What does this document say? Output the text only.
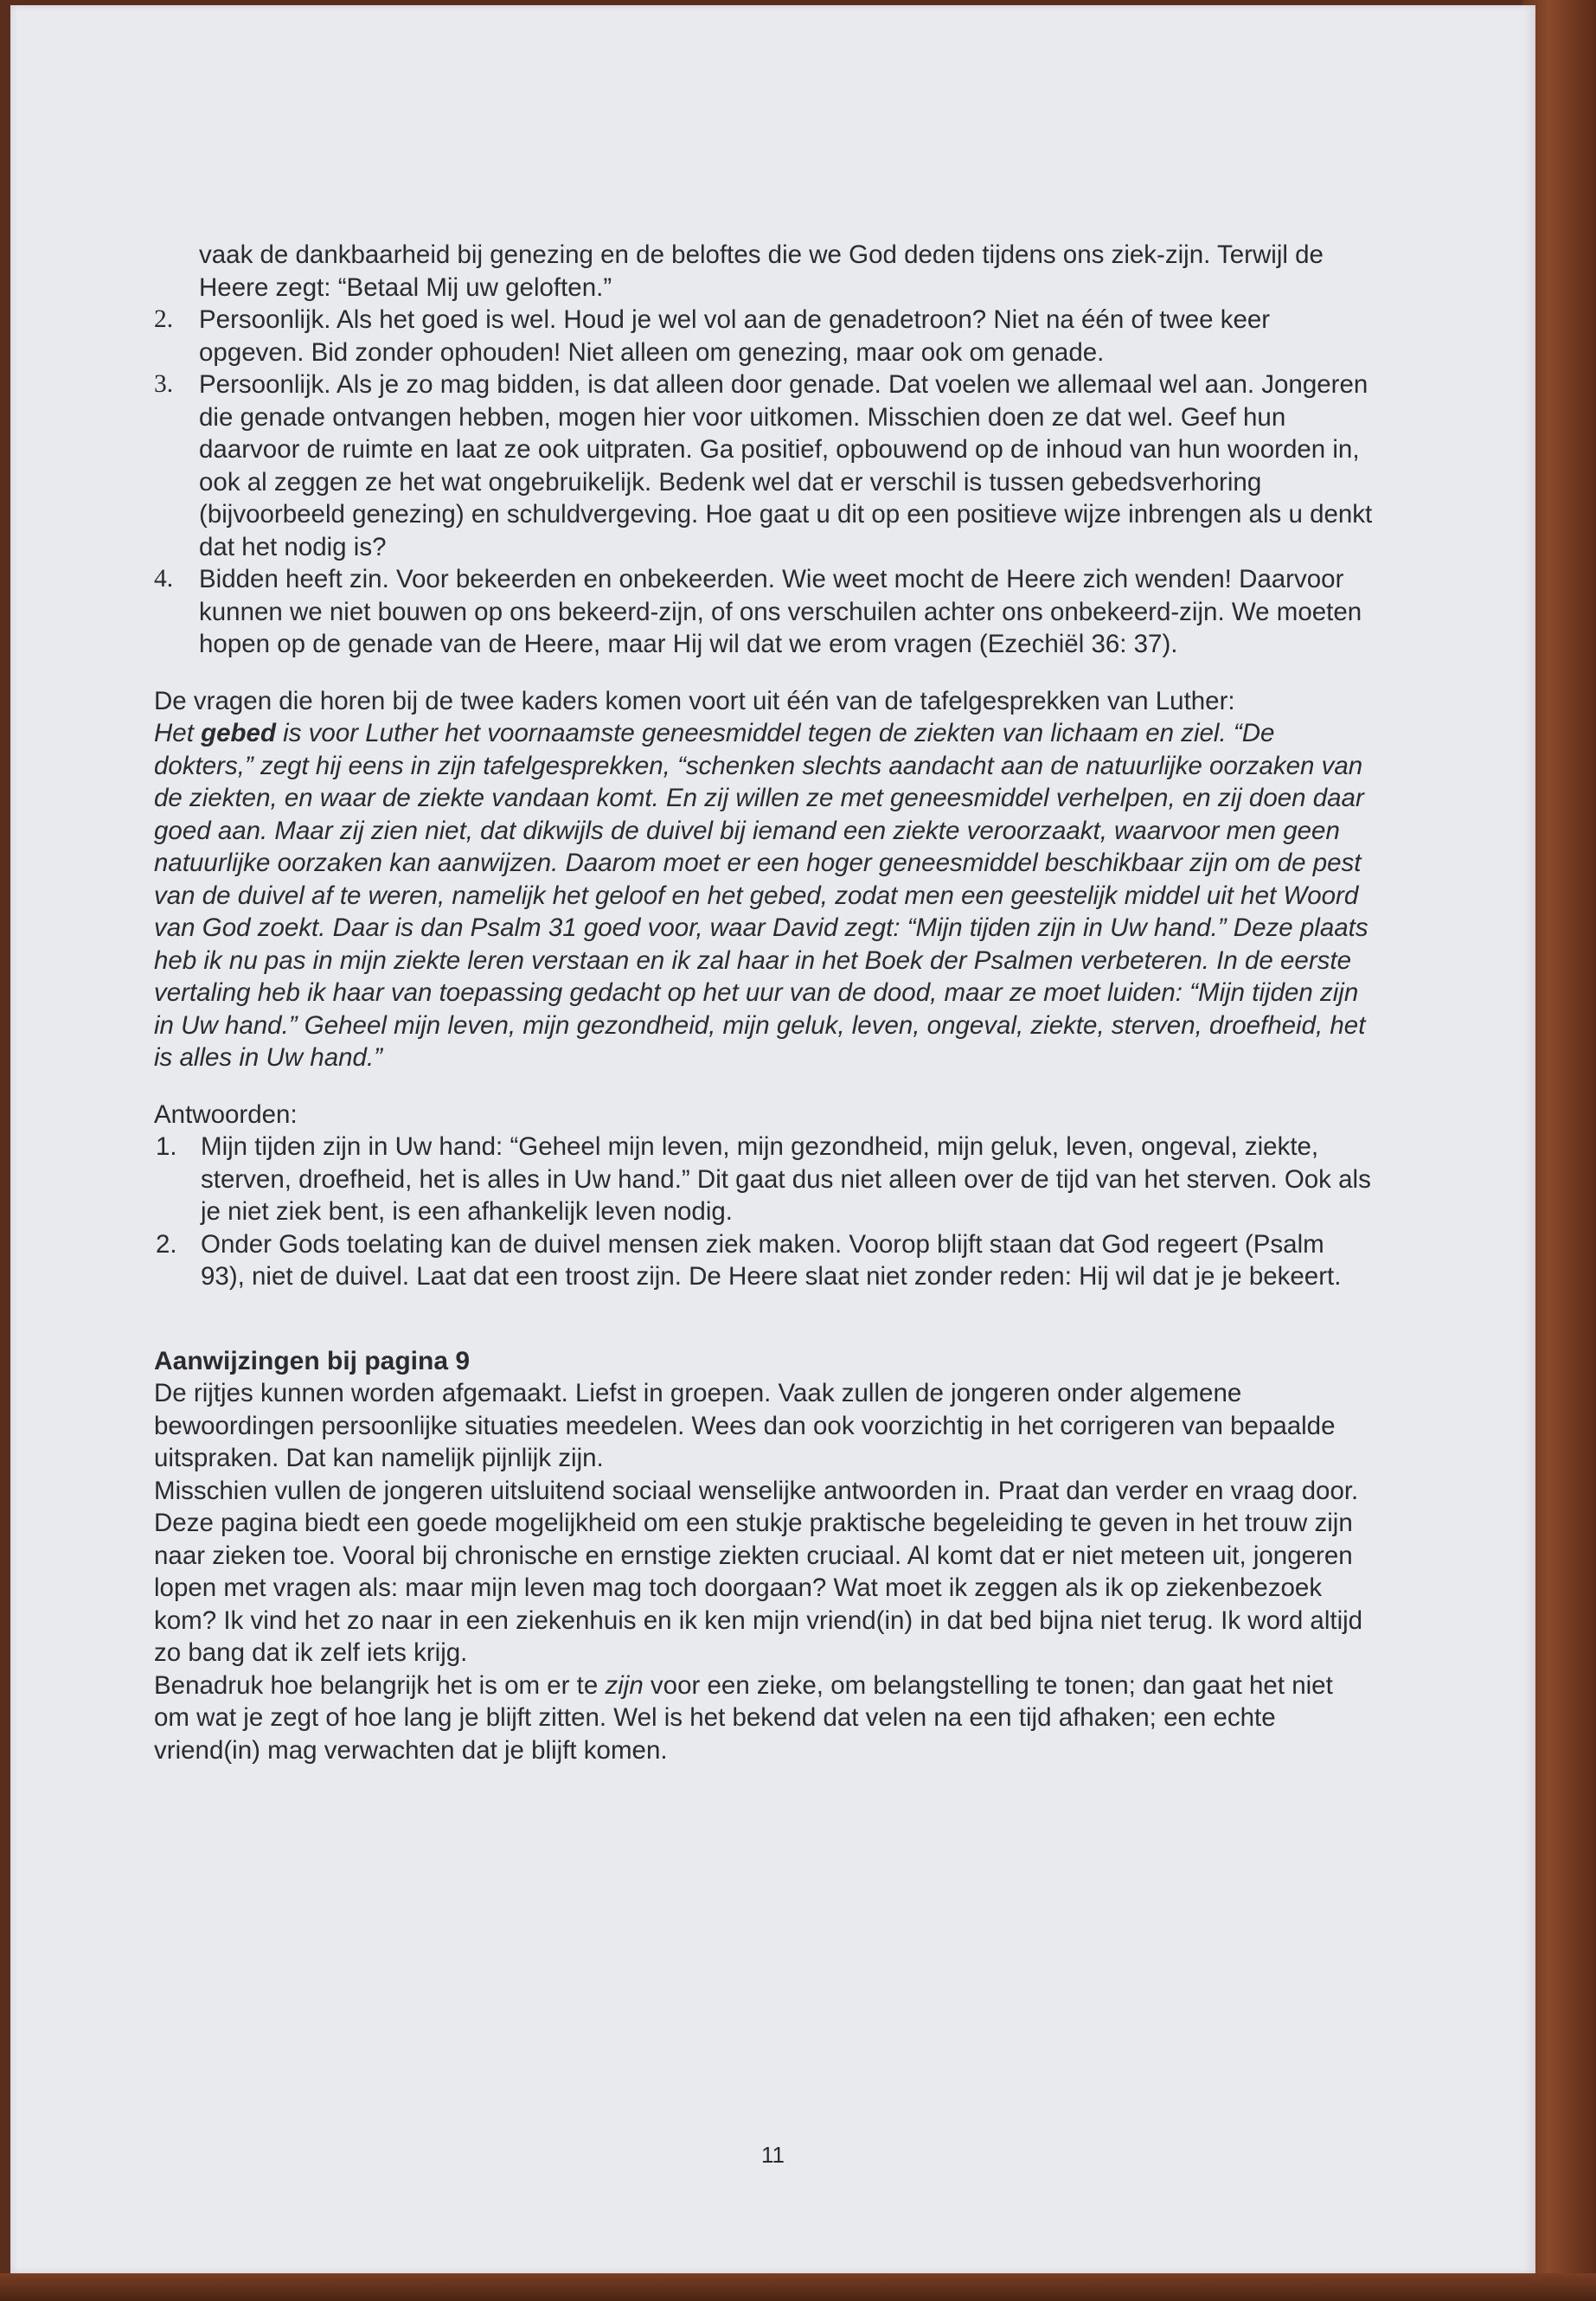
vaak de dankbaarheid bij genezing en de beloftes die we God deden tijdens ons ziek-zijn. Terwijl de Heere zegt: “Betaal Mij uw geloften.”

2.	Persoonlijk. Als het goed is wel. Houd je wel vol aan de genadetroon? Niet na één of twee keer opgeven. Bid zonder ophouden! Niet alleen om genezing, maar ook om genade.

3.	Persoonlijk. Als je zo mag bidden, is dat alleen door genade. Dat voelen we allemaal wel aan. Jongeren die genade ontvangen hebben, mogen hier voor uitkomen. Misschien doen ze dat wel. Geef hun daarvoor de ruimte en laat ze ook uitpraten. Ga positief, opbouwend op de inhoud van hun woorden in, ook al zeggen ze het wat ongebruikelijk. Bedenk wel dat er verschil is tussen gebedsverhoring (bijvoorbeeld genezing) en schuldvergeving. Hoe gaat u dit op een positieve wijze inbrengen als u denkt dat het nodig is?

4.	Bidden heeft zin. Voor bekeerden en onbekeerden. Wie weet mocht de Heere zich wenden! Daarvoor kunnen we niet bouwen op ons bekeerd-zijn, of ons verschuilen achter ons onbekeerd-zijn. We moeten hopen op de genade van de Heere, maar Hij wil dat we erom vragen (Ezechiël 36: 37).

De vragen die horen bij de twee kaders komen voort uit één van de tafelgesprekken van Luther:

Het gebed is voor Luther het voornaamste geneesmiddel tegen de ziekten van lichaam en ziel. “De dokters,” zegt hij eens in zijn tafelgesprekken, “schenken slechts aandacht aan de natuurlijke oorzaken van de ziekten, en waar de ziekte vandaan komt. En zij willen ze met geneesmiddel verhelpen, en zij doen daar goed aan. Maar zij zien niet, dat dikwijls de duivel bij iemand een ziekte veroorzaakt, waarvoor men geen natuurlijke oorzaken kan aanwijzen. Daarom moet er een hoger geneesmiddel beschikbaar zijn om de pest van de duivel af te weren, namelijk het geloof en het gebed, zodat men een geestelijk middel uit het Woord van God zoekt. Daar is dan Psalm 31 goed voor, waar David zegt: “Mijn tijden zijn in Uw hand.” Deze plaats heb ik nu pas in mijn ziekte leren verstaan en ik zal haar in het Boek der Psalmen verbeteren. In de eerste vertaling heb ik haar van toepassing gedacht op het uur van de dood, maar ze moet luiden: “Mijn tijden zijn in Uw hand.” Geheel mijn leven, mijn gezondheid, mijn geluk, leven, ongeval, ziekte, sterven, droefheid, het is alles in Uw hand.”

Antwoorden:

1. Mijn tijden zijn in Uw hand: “Geheel mijn leven, mijn gezondheid, mijn geluk, leven, ongeval, ziekte, sterven, droefheid, het is alles in Uw hand.” Dit gaat dus niet alleen over de tijd van het sterven. Ook als je niet ziek bent, is een afhankelijk leven nodig.

2. Onder Gods toelating kan de duivel mensen ziek maken. Voorop blijft staan dat God regeert (Psalm 93), niet de duivel. Laat dat een troost zijn. De Heere slaat niet zonder reden: Hij wil dat je je bekeert.

Aanwijzingen bij pagina 9

De rijtjes kunnen worden afgemaakt. Liefst in groepen. Vaak zullen de jongeren onder algemene bewoordingen persoonlijke situaties meedelen. Wees dan ook voorzichtig in het corrigeren van bepaalde uitspraken. Dat kan namelijk pijnlijk zijn.

Misschien vullen de jongeren uitsluitend sociaal wenselijke antwoorden in. Praat dan verder en vraag door. Deze pagina biedt een goede mogelijkheid om een stukje praktische begeleiding te geven in het trouw zijn naar zieken toe. Vooral bij chronische en ernstige ziekten cruciaal. Al komt dat er niet meteen uit, jongeren lopen met vragen als: maar mijn leven mag toch doorgaan? Wat moet ik zeggen als ik op ziekenbezoek kom? Ik vind het zo naar in een ziekenhuis en ik ken mijn vriend(in) in dat bed bijna niet terug. Ik word altijd zo bang dat ik zelf iets krijg.

Benadruk hoe belangrijk het is om er te zijn voor een zieke, om belangstelling te tonen; dan gaat het niet om wat je zegt of hoe lang je blijft zitten. Wel is het bekend dat velen na een tijd afhaken; een echte vriend(in) mag verwachten dat je blijft komen.

11
